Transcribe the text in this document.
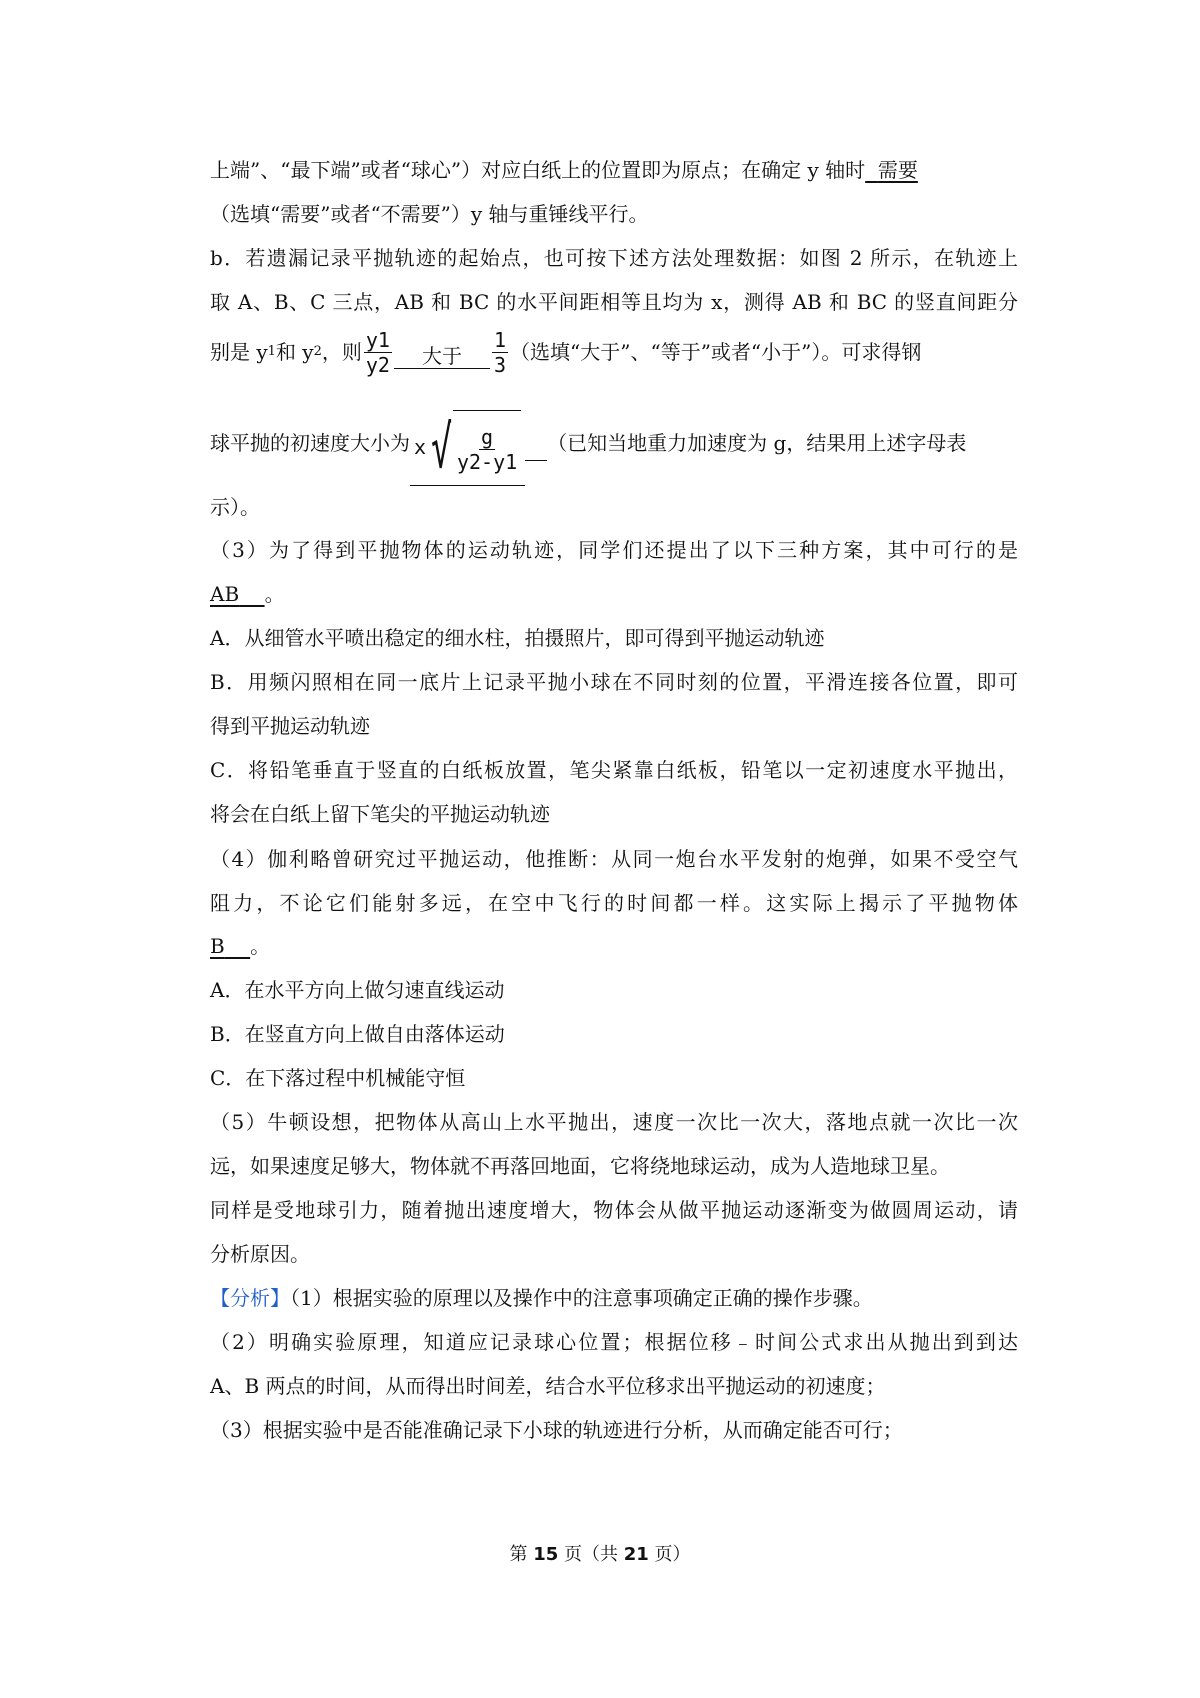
上端”、“最下端”或者“球心”）对应白纸上的位置即为原点；在确定 y 轴时 需要
（选填“需要”或者“不需要”）y 轴与重锤线平行。
b．若遗漏记录平抛轨迹的起始点，也可按下述方法处理数据：如图 2 所示，在轨迹上
取 A、B、C 三点，AB 和 BC 的水平间距相等且均为 x，测得 AB 和 BC 的竖直间距分
别是 y 1 和 y 2 ，则 $\frac{y1}{y2}$	大于	$\frac{1}{3}$ （选填“大于”、“等于”或者“小于”）。可求得钢
球平抛的初速度大小为 x √ $\frac{g}{y2-y1}$ （已知当地重力加速度为 g，结果用上述字母表
示）。
（3）为了得到平抛物体的运动轨迹，同学们还提出了以下三种方案，其中可行的是
AB 。
A．从细管水平喷出稳定的细水柱，拍摄照片，即可得到平抛运动轨迹
B．用频闪照相在同一底片上记录平抛小球在不同时刻的位置，平滑连接各位置，即可
得到平抛运动轨迹
C．将铅笔垂直于竖直的白纸板放置，笔尖紧靠白纸板，铅笔以一定初速度水平抛出，
将会在白纸上留下笔尖的平抛运动轨迹
（4）伽利略曾研究过平抛运动，他推断：从同一炮台水平发射的炮弹，如果不受空气
阻力，不论它们能射多远，在空中飞行的时间都一样。这实际上揭示了平抛物体
B 。
A．在水平方向上做匀速直线运动
B．在竖直方向上做自由落体运动
C．在下落过程中机械能守恒
（5）牛顿设想，把物体从高山上水平抛出，速度一次比一次大，落地点就一次比一次
远，如果速度足够大，物体就不再落回地面，它将绕地球运动，成为人造地球卫星。
同样是受地球引力，随着抛出速度增大，物体会从做平抛运动逐渐变为做圆周运动，请
分析原因。
【分析】（1）根据实验的原理以及操作中的注意事项确定正确的操作步骤。
（2）明确实验原理，知道应记录球心位置；根据位移﹣时间公式求出从抛出到到达
A、B 两点的时间，从而得出时间差，结合水平位移求出平抛运动的初速度；
（3）根据实验中是否能准确记录下小球的轨迹进行分析，从而确定能否可行；
第 15 页（共 21 页）
